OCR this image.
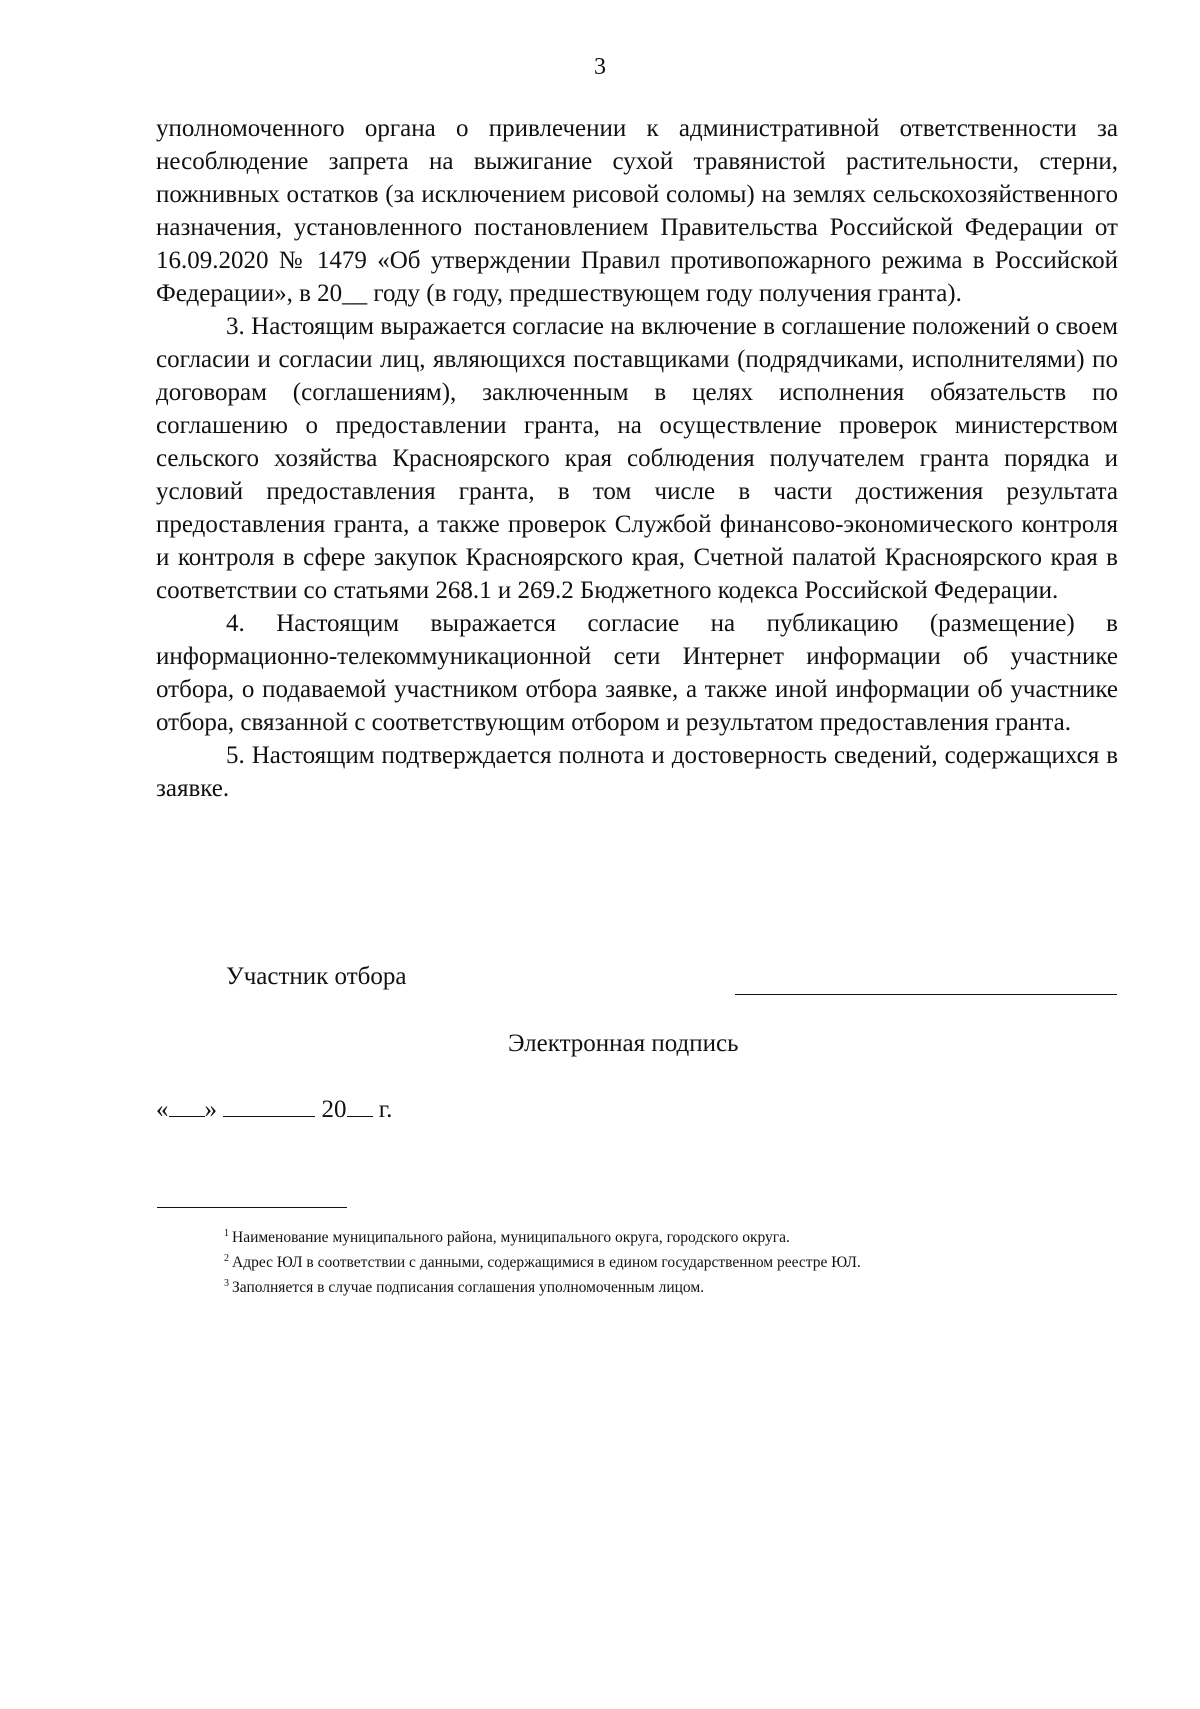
3

уполномоченного органа о привлечении к административной ответственности за несоблюдение запрета на выжигание сухой травянистой растительности, стерни, пожнивных остатков (за исключением рисовой соломы) на землях сельскохозяйственного назначения, установленного постановлением Правительства Российской Федерации от 16.09.2020 № 1479 «Об утверждении Правил противопожарного режима в Российской Федерации», в 20__ году (в году, предшествующем году получения гранта).

3. Настоящим выражается согласие на включение в соглашение положений о своем согласии и согласии лиц, являющихся поставщиками (подрядчиками, исполнителями) по договорам (соглашениям), заключенным в целях исполнения обязательств по соглашению о предоставлении гранта, на осуществление проверок министерством сельского хозяйства Красноярского края соблюдения получателем гранта порядка и условий предоставления гранта, в том числе в части достижения результата предоставления гранта, а также проверок Службой финансово-экономического контроля и контроля в сфере закупок Красноярского края, Счетной палатой Красноярского края в соответствии со статьями 268.1 и 269.2 Бюджетного кодекса Российской Федерации.

4. Настоящим выражается согласие на публикацию (размещение) в информационно-телекоммуникационной сети Интернет информации об участнике отбора, о подаваемой участником отбора заявке, а также иной информации об участнике отбора, связанной с соответствующим отбором и результатом предоставления гранта.

5. Настоящим подтверждается полнота и достоверность сведений, содержащихся в заявке.

Участник отбора
Электронная подпись
« »	20 г.

$^1$ Наименование муниципального района, муниципального округа, городского округа.

$^2$ Адрес ЮЛ в соответствии с данными, содержащимися в едином государственном реестре ЮЛ.

$^3$ Заполняется в случае подписания соглашения уполномоченным лицом.
